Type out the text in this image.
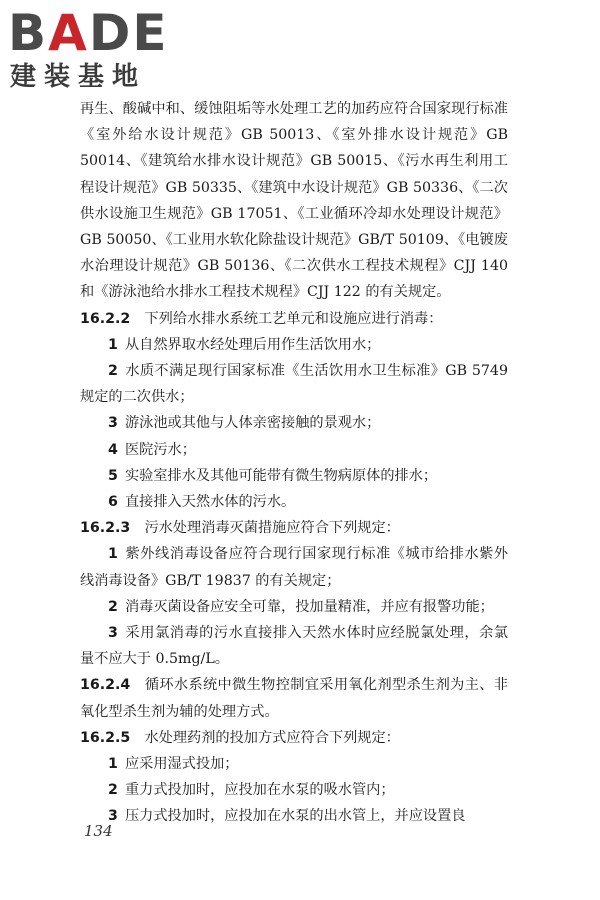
BADE
建装基地

再生、酸碱中和、缓蚀阻垢等水处理工艺的加药应符合国家现行标准《室外给水设计规范》GB 50013、《室外排水设计规范》GB 50014、《建筑给水排水设计规范》GB 50015、《污水再生利用工程设计规范》GB 50335、《建筑中水设计规范》GB 50336、《二次供水设施卫生规范》GB 17051、《工业循环冷却水处理设计规范》GB 50050、《工业用水软化除盐设计规范》GB/T 50109、《电镀废水治理设计规范》GB 50136、《二次供水工程技术规程》CJJ 140 和《游泳池给水排水工程技术规程》CJJ 122 的有关规定。

16.2.2  下列给水排水系统工艺单元和设施应进行消毒：

1  从自然界取水经处理后用作生活饮用水；

2  水质不满足现行国家标准《生活饮用水卫生标准》GB 5749 规定的二次供水；

3  游泳池或其他与人体亲密接触的景观水；

4  医院污水；

5  实验室排水及其他可能带有微生物病原体的排水；

6  直接排入天然水体的污水。

16.2.3  污水处理消毒灭菌措施应符合下列规定：

1  紫外线消毒设备应符合现行国家现行标准《城市给排水紫外线消毒设备》GB/T 19837 的有关规定；

2  消毒灭菌设备应安全可靠，投加量精准，并应有报警功能；

3  采用氯消毒的污水直接排入天然水体时应经脱氯处理，余氯量不应大于 0.5mg/L。

16.2.4  循环水系统中微生物控制宜采用氧化剂型杀生剂为主、非氧化型杀生剂为辅的处理方式。

16.2.5  水处理药剂的投加方式应符合下列规定：

1  应采用湿式投加；

2  重力式投加时，应投加在水泵的吸水管内；

3  压力式投加时，应投加在水泵的出水管上，并应设置良

134
